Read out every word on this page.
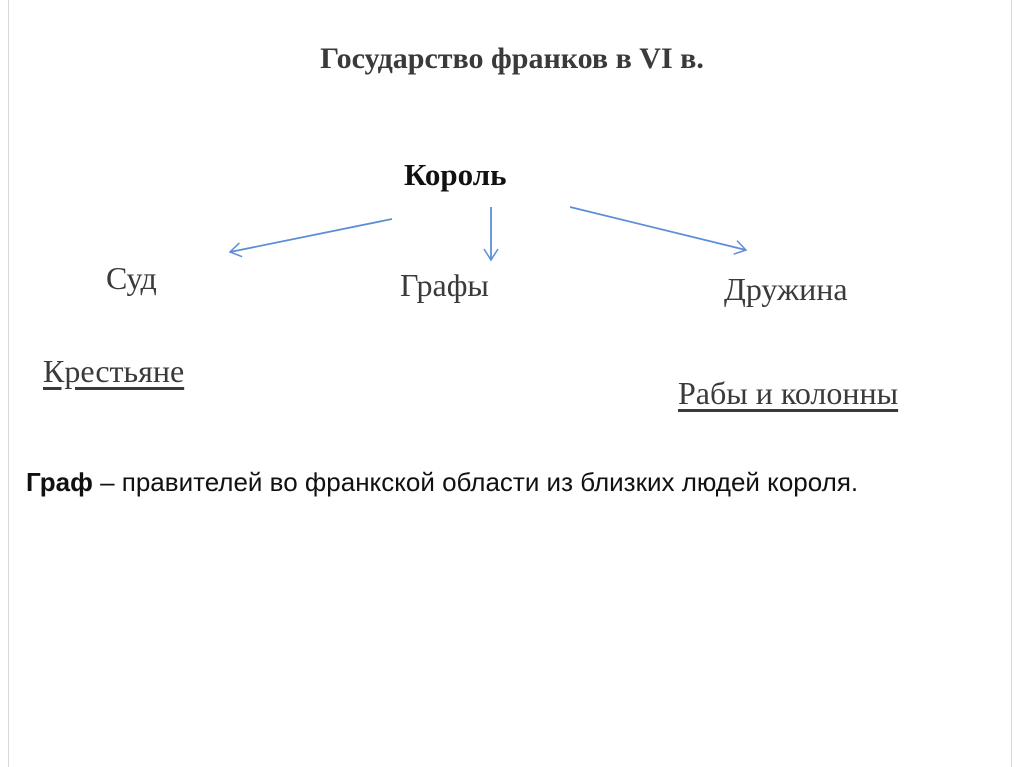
Государство франков в VI в.
Король
Суд	Графы	Дружина
Крестьяне
Рабы и колонны
Граф – правителей во франкской области из близких людей короля.
